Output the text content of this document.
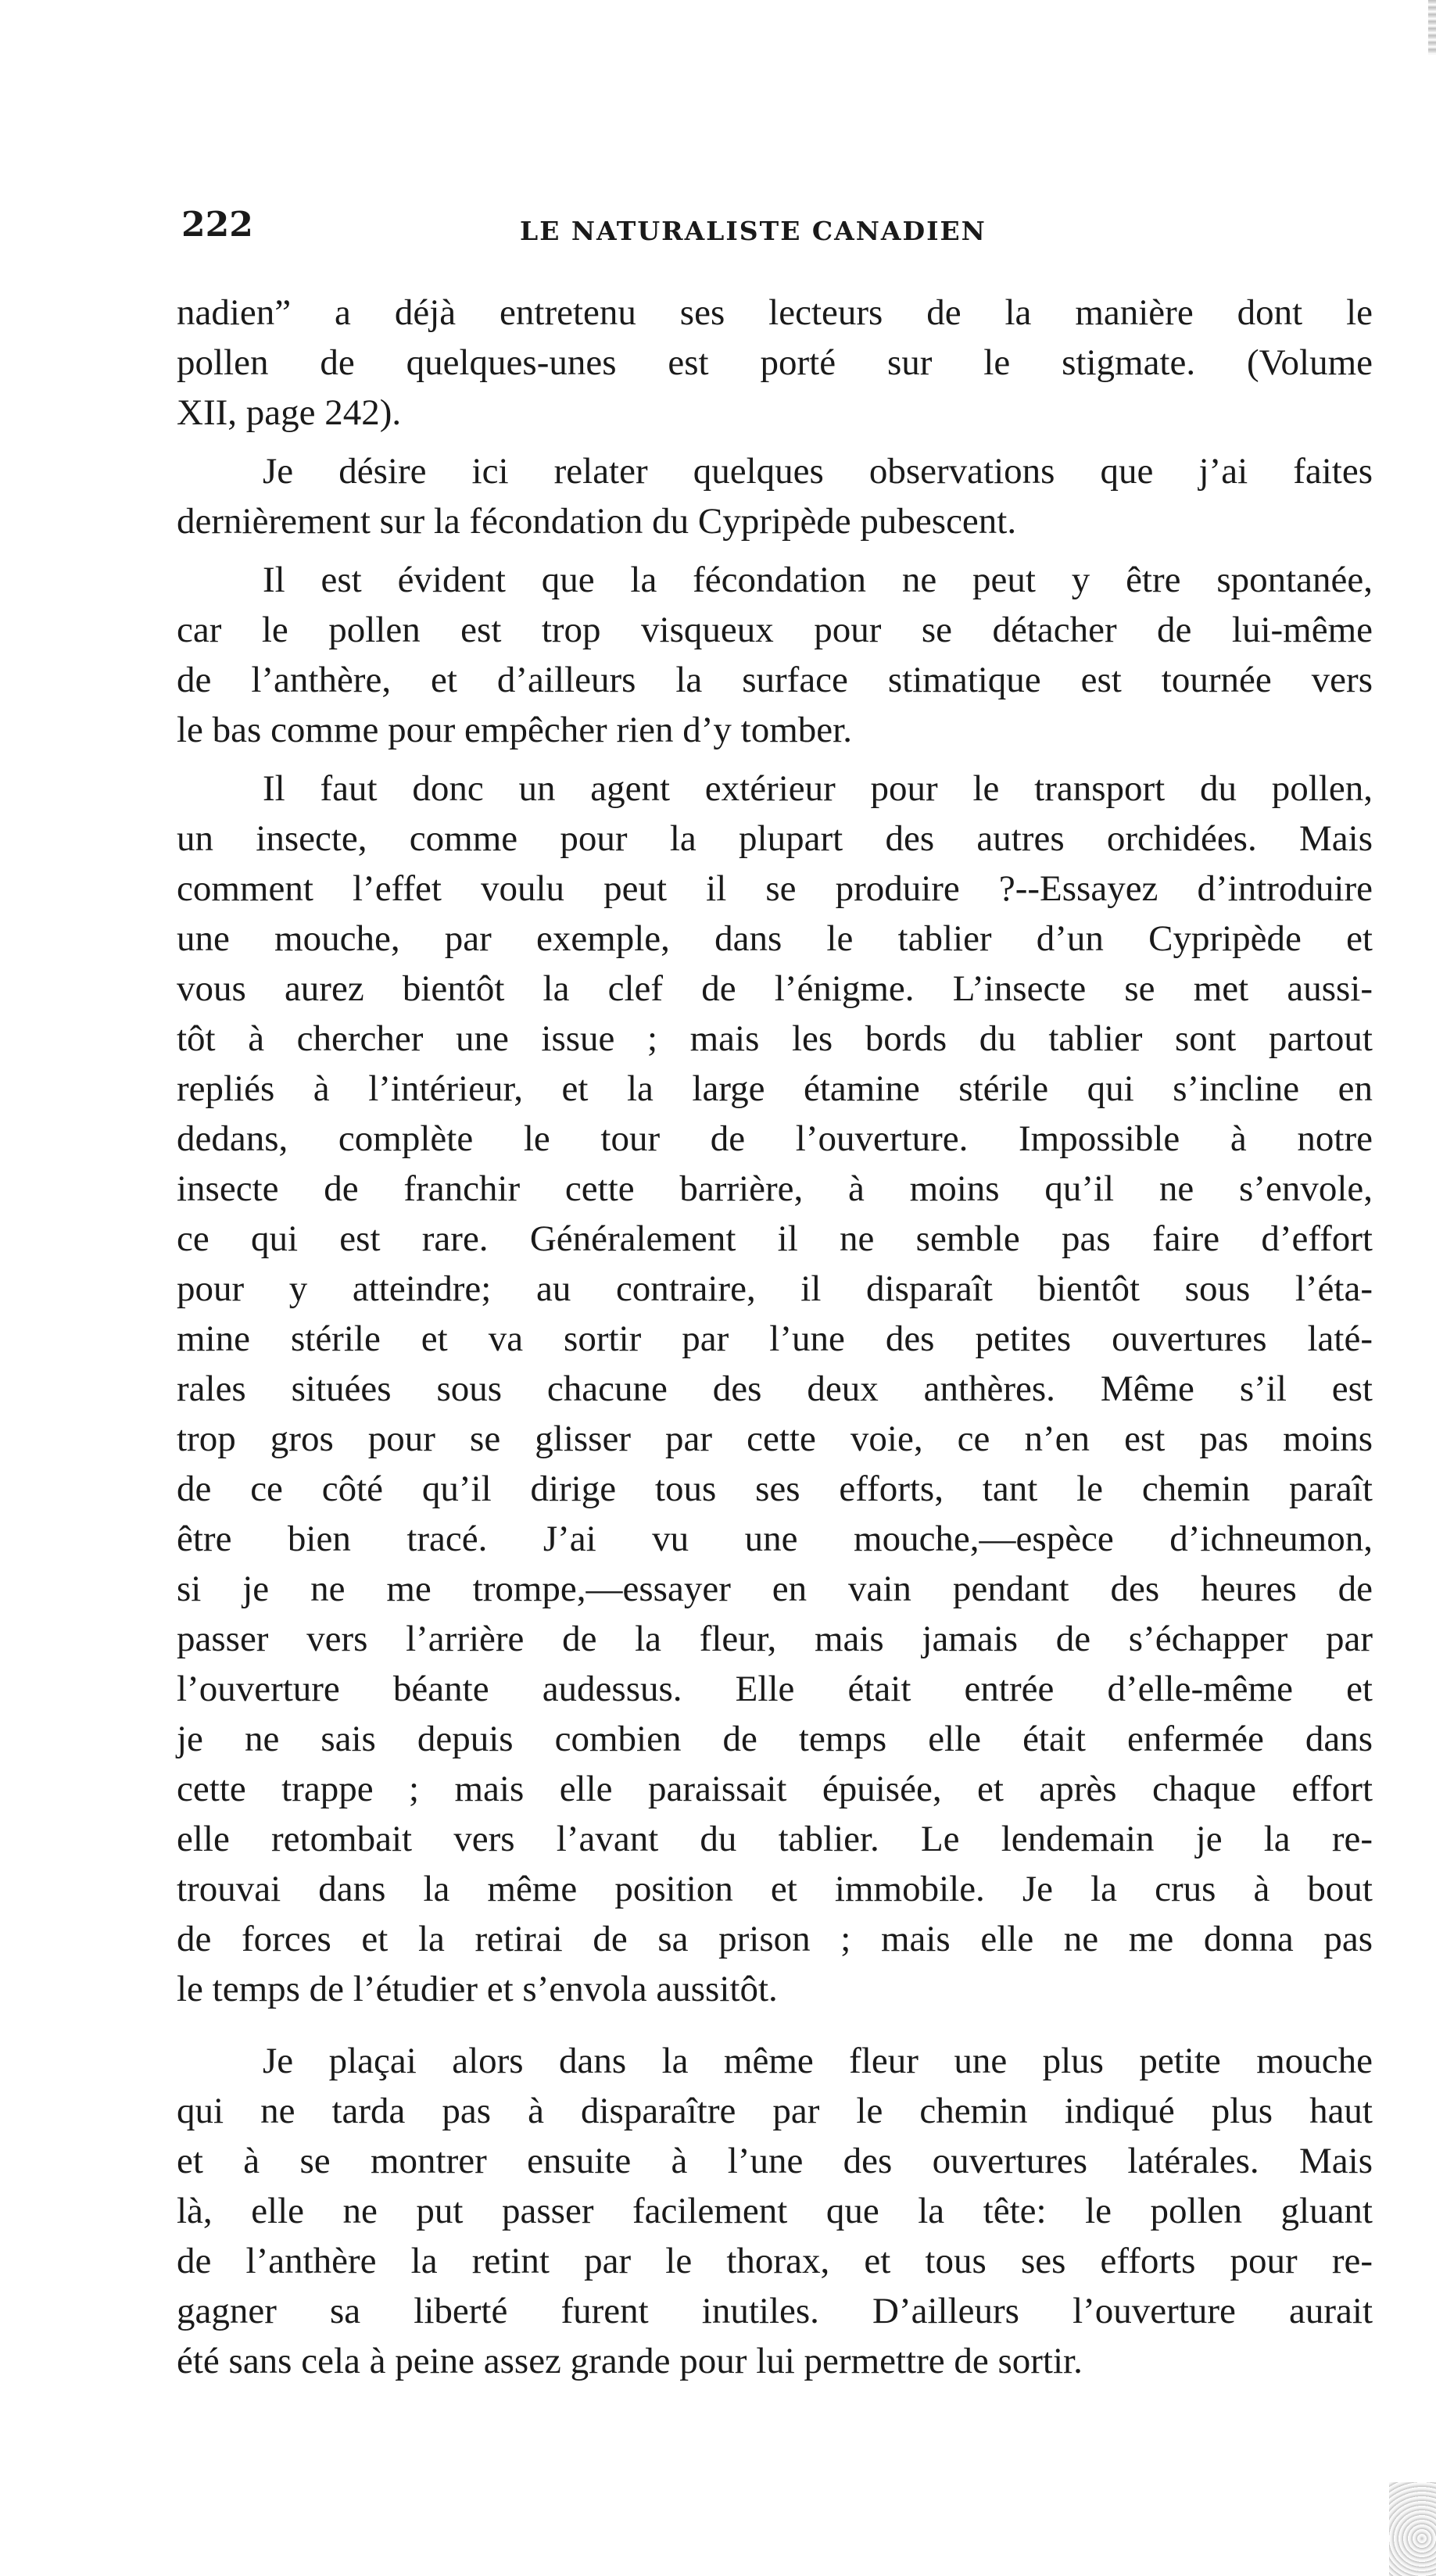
222	LE NATURALISTE CANADIEN

nadien” a déjà entretenu ses lecteurs de la manière dont le
pollen de quelques-unes est porté sur le stigmate. (Volume
XII, page 242).

Je désire ici relater quelques observations que j’ai faites
dernièrement sur la fécondation du Cypripède pubescent.

Il est évident que la fécondation ne peut y être spontanée,
car le pollen est trop visqueux pour se détacher de lui-même
de l’anthère, et d’ailleurs la surface stimatique est tournée vers
le bas comme pour empêcher rien d’y tomber.

Il faut donc un agent extérieur pour le transport du pollen,
un insecte, comme pour la plupart des autres orchidées. Mais
comment l’effet voulu peut il se produire ?--Essayez d’introduire
une mouche, par exemple, dans le tablier d’un Cypripède et
vous aurez bientôt la clef de l’énigme. L’insecte se met aussi-
tôt à chercher une issue ; mais les bords du tablier sont partout
repliés à l’intérieur, et la large étamine stérile qui s’incline en
dedans, complète le tour de l’ouverture. Impossible à notre
insecte de franchir cette barrière, à moins qu’il ne s’envole,
ce qui est rare. Généralement il ne semble pas faire d’effort
pour y atteindre; au contraire, il disparaît bientôt sous l’éta-
mine stérile et va sortir par l’une des petites ouvertures laté-
rales situées sous chacune des deux anthères. Même s’il est
trop gros pour se glisser par cette voie, ce n’en est pas moins
de ce côté qu’il dirige tous ses efforts, tant le chemin paraît
être bien tracé. J’ai vu une mouche,—espèce d’ichneumon,
si je ne me trompe,—essayer en vain pendant des heures de
passer vers l’arrière de la fleur, mais jamais de s’échapper par
l’ouverture béante audessus. Elle était entrée d’elle-même et
je ne sais depuis combien de temps elle était enfermée dans
cette trappe ; mais elle paraissait épuisée, et après chaque effort
elle retombait vers l’avant du tablier. Le lendemain je la re-
trouvai dans la même position et immobile. Je la crus à bout
de forces et la retirai de sa prison ; mais elle ne me donna pas
le temps de l’étudier et s’envola aussitôt.

Je plaçai alors dans la même fleur une plus petite mouche
qui ne tarda pas à disparaître par le chemin indiqué plus haut
et à se montrer ensuite à l’une des ouvertures latérales. Mais
là, elle ne put passer facilement que la tête: le pollen gluant
de l’anthère la retint par le thorax, et tous ses efforts pour re-
gagner sa liberté furent inutiles. D’ailleurs l’ouverture aurait
été sans cela à peine assez grande pour lui permettre de sortir.
